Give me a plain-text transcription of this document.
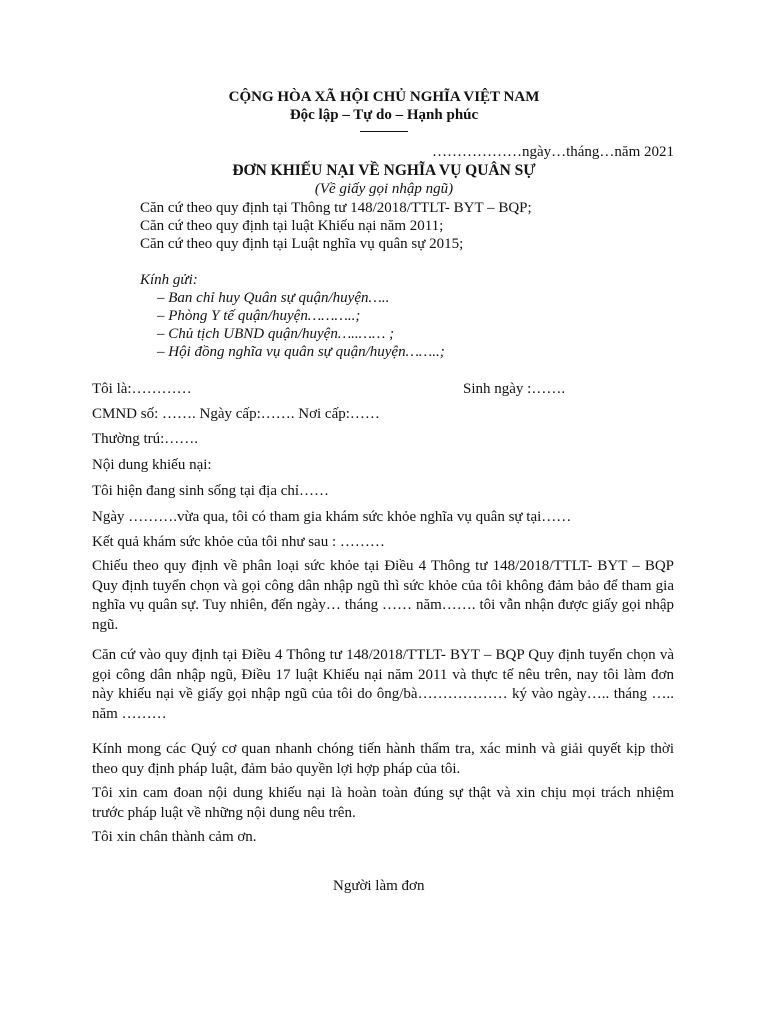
CỘNG HÒA XÃ HỘI CHỦ NGHĨA VIỆT NAM
Độc lập – Tự do – Hạnh phúc
………………ngày…tháng…năm 2021
ĐƠN KHIẾU NẠI VỀ NGHĨA VỤ QUÂN SỰ
(Về giấy gọi nhập ngũ)
Căn cứ theo quy định tại Thông tư 148/2018/TTLT- BYT – BQP;
Căn cứ theo quy định tại luật Khiếu nại năm 2011;
Căn cứ theo quy định tại Luật nghĩa vụ quân sự 2015;
Kính gửi:
– Ban chỉ huy Quân sự quận/huyện…..
– Phòng Y tế quận/huyện………..;
– Chủ tịch UBND quận/huyện…..…… ;
– Hội đồng nghĩa vụ quân sự quận/huyện……..;
Tôi là:…………	Sinh ngày :…….
CMND số: ……. Ngày cấp:……. Nơi cấp:……
Thường trú:…….
Nội dung khiếu nại:
Tôi hiện đang sinh sống tại địa chỉ……
Ngày ……….vừa qua, tôi có tham gia khám sức khỏe nghĩa vụ quân sự tại……
Kết quả khám sức khỏe của tôi như sau : ………
Chiếu theo quy định về phân loại sức khỏe tại Điều 4 Thông tư 148/2018/TTLT- BYT – BQP Quy định tuyển chọn và gọi công dân nhập ngũ thì sức khỏe của tôi không đảm bảo để tham gia nghĩa vụ quân sự. Tuy nhiên, đến ngày… tháng …… năm……. tôi vẫn nhận được giấy gọi nhập ngũ.
Căn cứ vào quy định tại Điều 4 Thông tư 148/2018/TTLT- BYT – BQP Quy định tuyển chọn và gọi công dân nhập ngũ, Điều 17 luật Khiếu nại năm 2011 và thực tế nêu trên, nay tôi làm đơn này khiếu nại về giấy gọi nhập ngũ của tôi do ông/bà……………… ký vào ngày….. tháng ….. năm ………
Kính mong các Quý cơ quan nhanh chóng tiến hành thẩm tra, xác minh và giải quyết kịp thời theo quy định pháp luật, đảm bảo quyền lợi hợp pháp của tôi.
Tôi xin cam đoan nội dung khiếu nại là hoàn toàn đúng sự thật và xin chịu mọi trách nhiệm trước pháp luật về những nội dung nêu trên.
Tôi xin chân thành cảm ơn.
Người làm đơn
